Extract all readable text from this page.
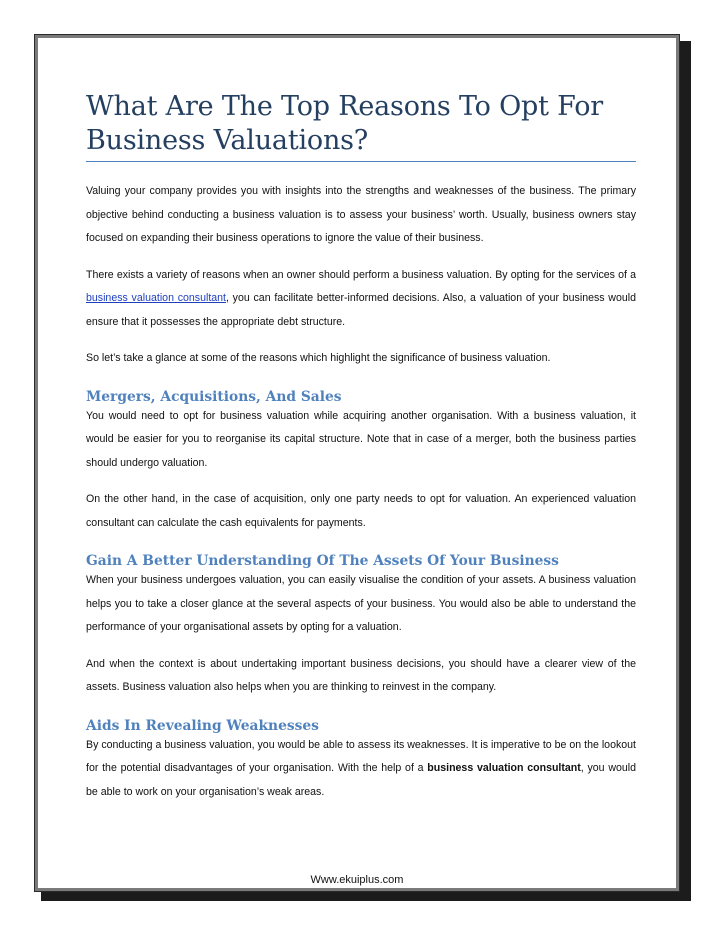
What Are The Top Reasons To Opt For
Business Valuations?

Valuing your company provides you with insights into the strengths and weaknesses of the business. The primary objective behind conducting a business valuation is to assess your business’ worth. Usually, business owners stay focused on expanding their business operations to ignore the value of their business.

There exists a variety of reasons when an owner should perform a business valuation. By opting for the services of a business valuation consultant, you can facilitate better-informed decisions. Also, a valuation of your business would ensure that it possesses the appropriate debt structure.

So let’s take a glance at some of the reasons which highlight the significance of business valuation.

Mergers, Acquisitions, And Sales

You would need to opt for business valuation while acquiring another organisation. With a business valuation, it would be easier for you to reorganise its capital structure. Note that in case of a merger, both the business parties should undergo valuation.

On the other hand, in the case of acquisition, only one party needs to opt for valuation. An experienced valuation consultant can calculate the cash equivalents for payments.

Gain A Better Understanding Of The Assets Of Your Business

When your business undergoes valuation, you can easily visualise the condition of your assets. A business valuation helps you to take a closer glance at the several aspects of your business. You would also be able to understand the performance of your organisational assets by opting for a valuation.

And when the context is about undertaking important business decisions, you should have a clearer view of the assets. Business valuation also helps when you are thinking to reinvest in the company.

Aids In Revealing Weaknesses

By conducting a business valuation, you would be able to assess its weaknesses. It is imperative to be on the lookout for the potential disadvantages of your organisation. With the help of a business valuation consultant, you would be able to work on your organisation’s weak areas.

Www.ekuiplus.com
